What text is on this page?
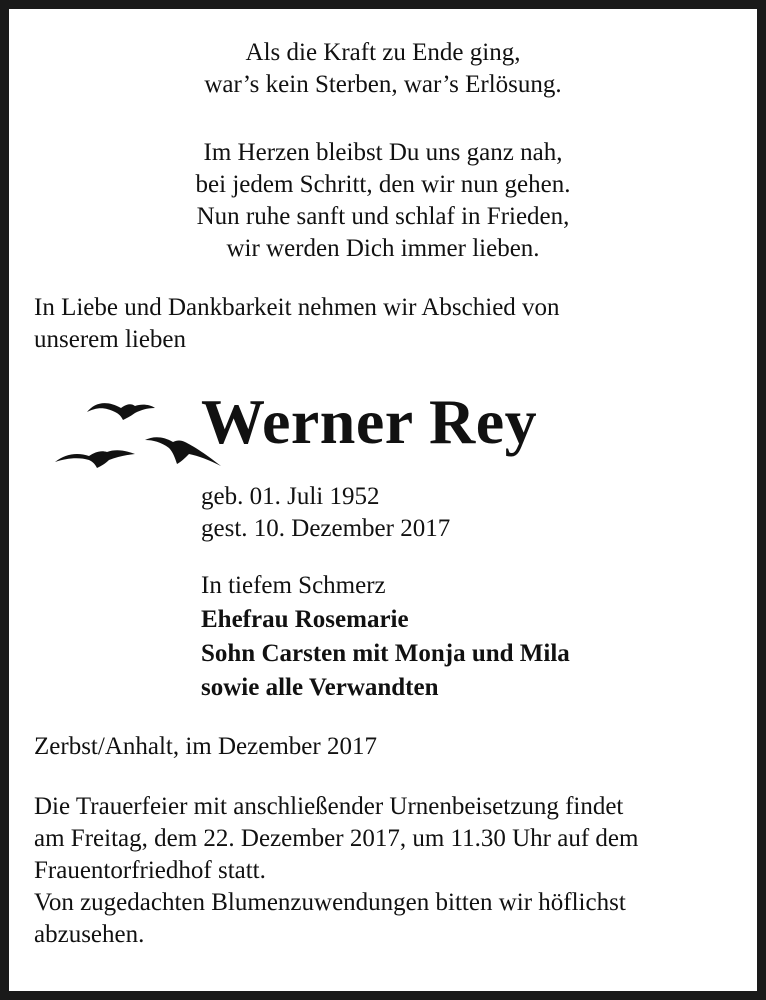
Als die Kraft zu Ende ging,

war’s kein Sterben, war’s Erlösung.

Im Herzen bleibst Du uns ganz nah,

bei jedem Schritt, den wir nun gehen.

Nun ruhe sanft und schlaf in Frieden,

wir werden Dich immer lieben.

In Liebe und Dankbarkeit nehmen wir Abschied von

unserem lieben

Werner Rey

geb. 01. Juli 1952

gest. 10. Dezember 2017

In tiefem Schmerz

Ehefrau Rosemarie

Sohn Carsten mit Monja und Mila

sowie alle Verwandten

Zerbst/Anhalt, im Dezember 2017

Die Trauerfeier mit anschließender Urnenbeisetzung findet

am Freitag, dem 22. Dezember 2017, um 11.30 Uhr auf dem

Frauentorfriedhof statt.

Von zugedachten Blumenzuwendungen bitten wir höflichst

abzusehen.
